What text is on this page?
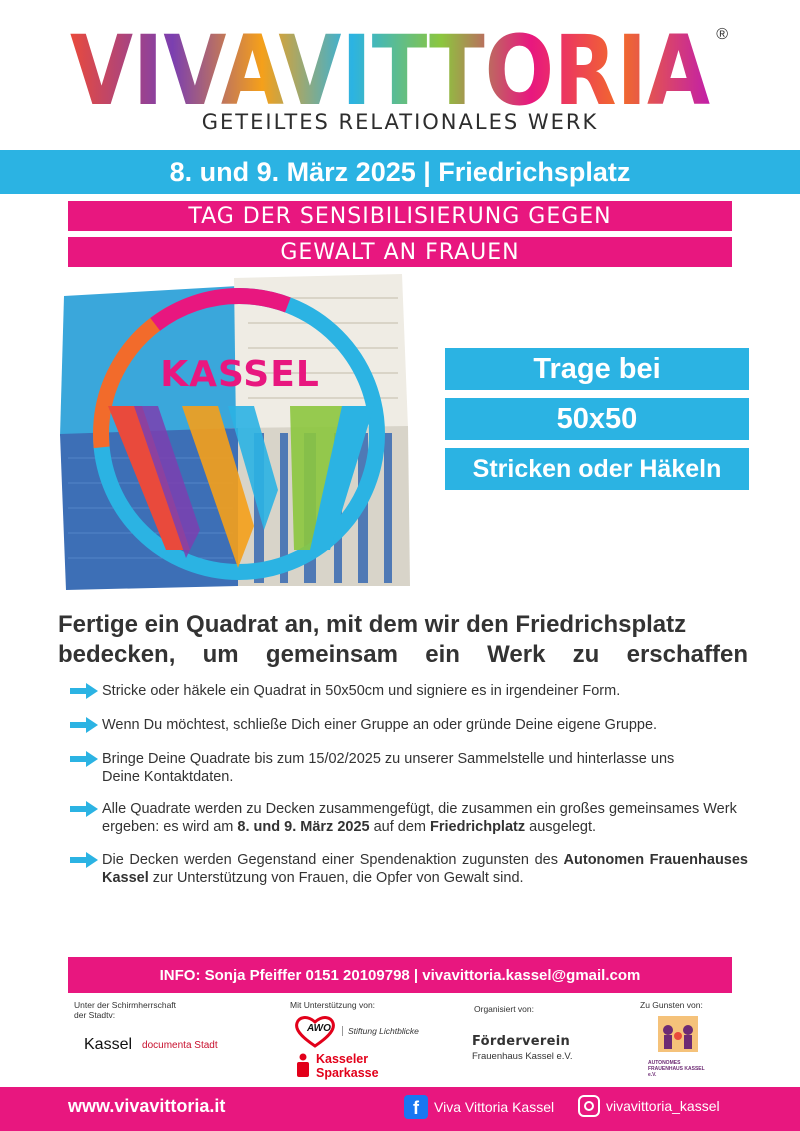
VIVAVITTORIA ®
GETEILTES RELATIONALES WERK
8. und 9. März 2025 | Friedrichsplatz
TAG DER SENSIBILISIERUNG GEGEN
GEWALT AN FRAUEN
KASSEL	Trage bei
50x50
Stricken oder Häkeln
Fertige ein Quadrat an, mit dem wir den Friedrichsplatz
bedecken, um gemeinsam ein Werk zu erschaffen
Stricke oder häkele ein Quadrat in 50x50cm und signiere es in irgendeiner Form.
Wenn Du möchtest, schließe Dich einer Gruppe an oder gründe Deine eigene Gruppe.
Bringe Deine Quadrate bis zum 15/02/2025 zu unserer Sammelstelle und hinterlasse uns Deine Kontaktdaten.
Alle Quadrate werden zu Decken zusammengefügt, die zusammen ein großes gemeinsames Werk ergeben: es wird am 8. und 9. März 2025 auf dem Friedrichplatz ausgelegt.
Die Decken werden Gegenstand einer Spendenaktion zugunsten des Autonomen Frauenhauses Kassel zur Unterstützung von Frauen, die Opfer von Gewalt sind.
INFO: Sonja Pfeiffer 0151 20109798 | vivavittoria.kassel@gmail.com
Unter der Schirmherrschaft der Stadtv:
Mit Unterstützung von:	Organisiert von:	Zu Gunsten von:
Kassel documenta Stadt
AWO	Stiftung Lichtblicke
Kasseler Sparkasse
Förderverein
Frauenhaus Kassel e.V.
AUTONOMES FRAUENHAUS KASSEL e.V.
www.vivavittoria.it	f	Viva Vittoria Kassel	vivavittoria_kassel
